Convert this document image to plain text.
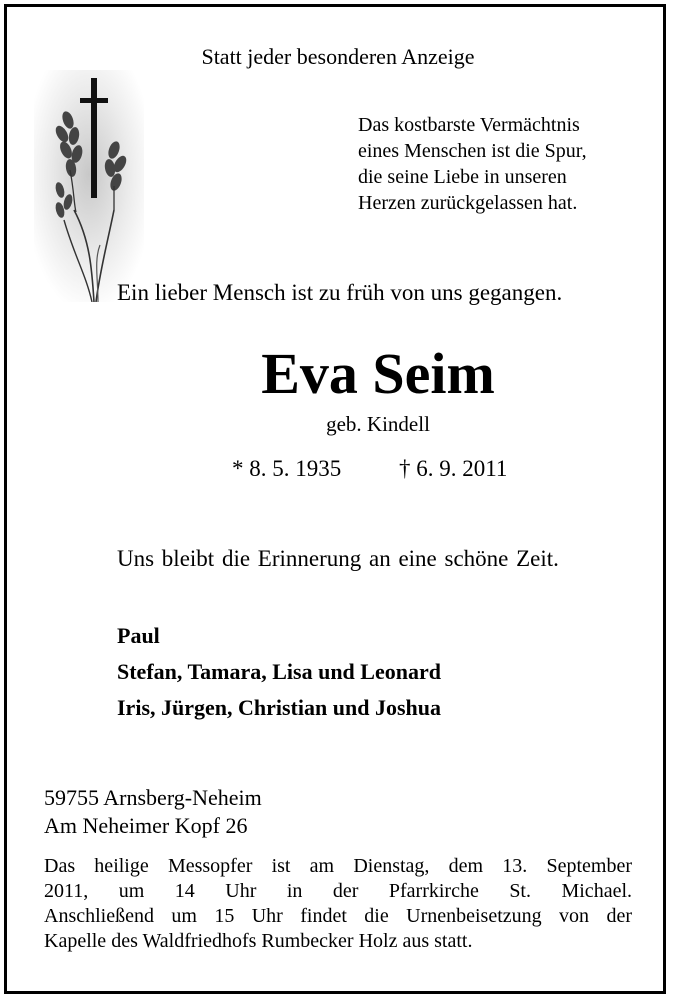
Statt jeder besonderen Anzeige
Das kostbarste Vermächtnis
eines Menschen ist die Spur,
die seine Liebe in unseren
Herzen zurückgelassen hat.
Ein lieber Mensch ist zu früh von uns gegangen.
Eva Seim
geb. Kindell
* 8. 5. 1935	† 6. 9. 2011
Uns bleibt die Erinnerung an eine schöne Zeit.
Paul
Stefan, Tamara, Lisa und Leonard
Iris, Jürgen, Christian und Joshua
59755 Arnsberg-Neheim
Am Neheimer Kopf 26
Das heilige Messopfer ist am Dienstag, dem 13. September
2011, um 14 Uhr in der Pfarrkirche St. Michael.
Anschließend um 15 Uhr findet die Urnenbeisetzung von der
Kapelle des Waldfriedhofs Rumbecker Holz aus statt.
